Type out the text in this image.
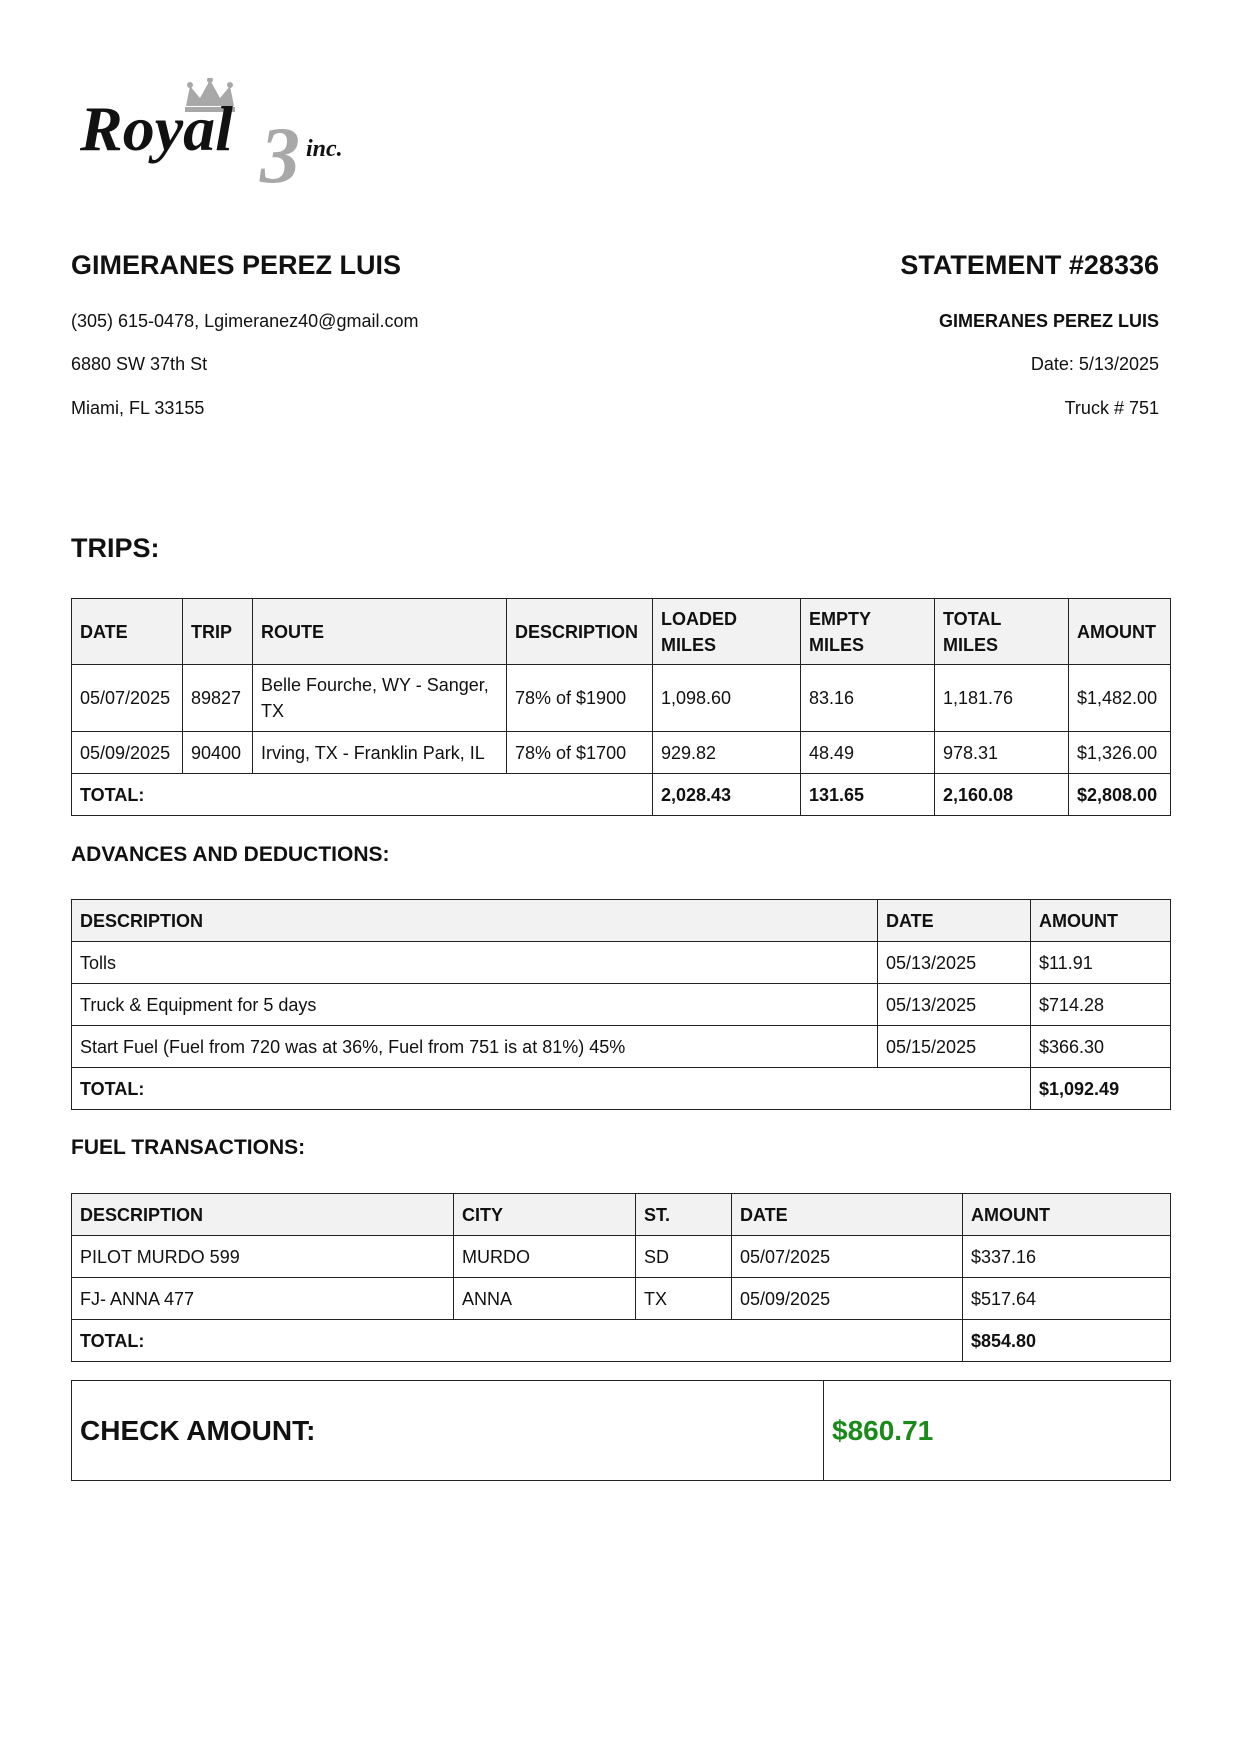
3
Royal	inc.
GIMERANES PEREZ LUIS
(305) 615-0478, Lgimeranez40@gmail.com
6880 SW 37th St
Miami, FL 33155
STATEMENT #28336
GIMERANES PEREZ LUIS
Date: 5/13/2025
Truck # 751
TRIPS:
DATE	TRIP	ROUTE	DESCRIPTION	LOADED MILES	EMPTY MILES	TOTAL MILES	AMOUNT
05/07/2025	89827	Belle Fourche, WY - Sanger, TX	78% of $1900	1,098.60	83.16	1,181.76	$1,482.00
05/09/2025	90400	Irving, TX - Franklin Park, IL	78% of $1700	929.82	48.49	978.31	$1,326.00
TOTAL:				2,028.43	131.65	2,160.08	$2,808.00
ADVANCES AND DEDUCTIONS:
DESCRIPTION	DATE	AMOUNT
Tolls	05/13/2025	$11.91
Truck & Equipment for 5 days	05/13/2025	$714.28
Start Fuel (Fuel from 720 was at 36%, Fuel from 751 is at 81%) 45%	05/15/2025	$366.30
TOTAL:		$1,092.49
FUEL TRANSACTIONS:
DESCRIPTION	CITY	ST.	DATE	AMOUNT
PILOT MURDO 599	MURDO	SD	05/07/2025	$337.16
FJ- ANNA 477	ANNA	TX	05/09/2025	$517.64
TOTAL:				$854.80
CHECK AMOUNT:	$860.71
